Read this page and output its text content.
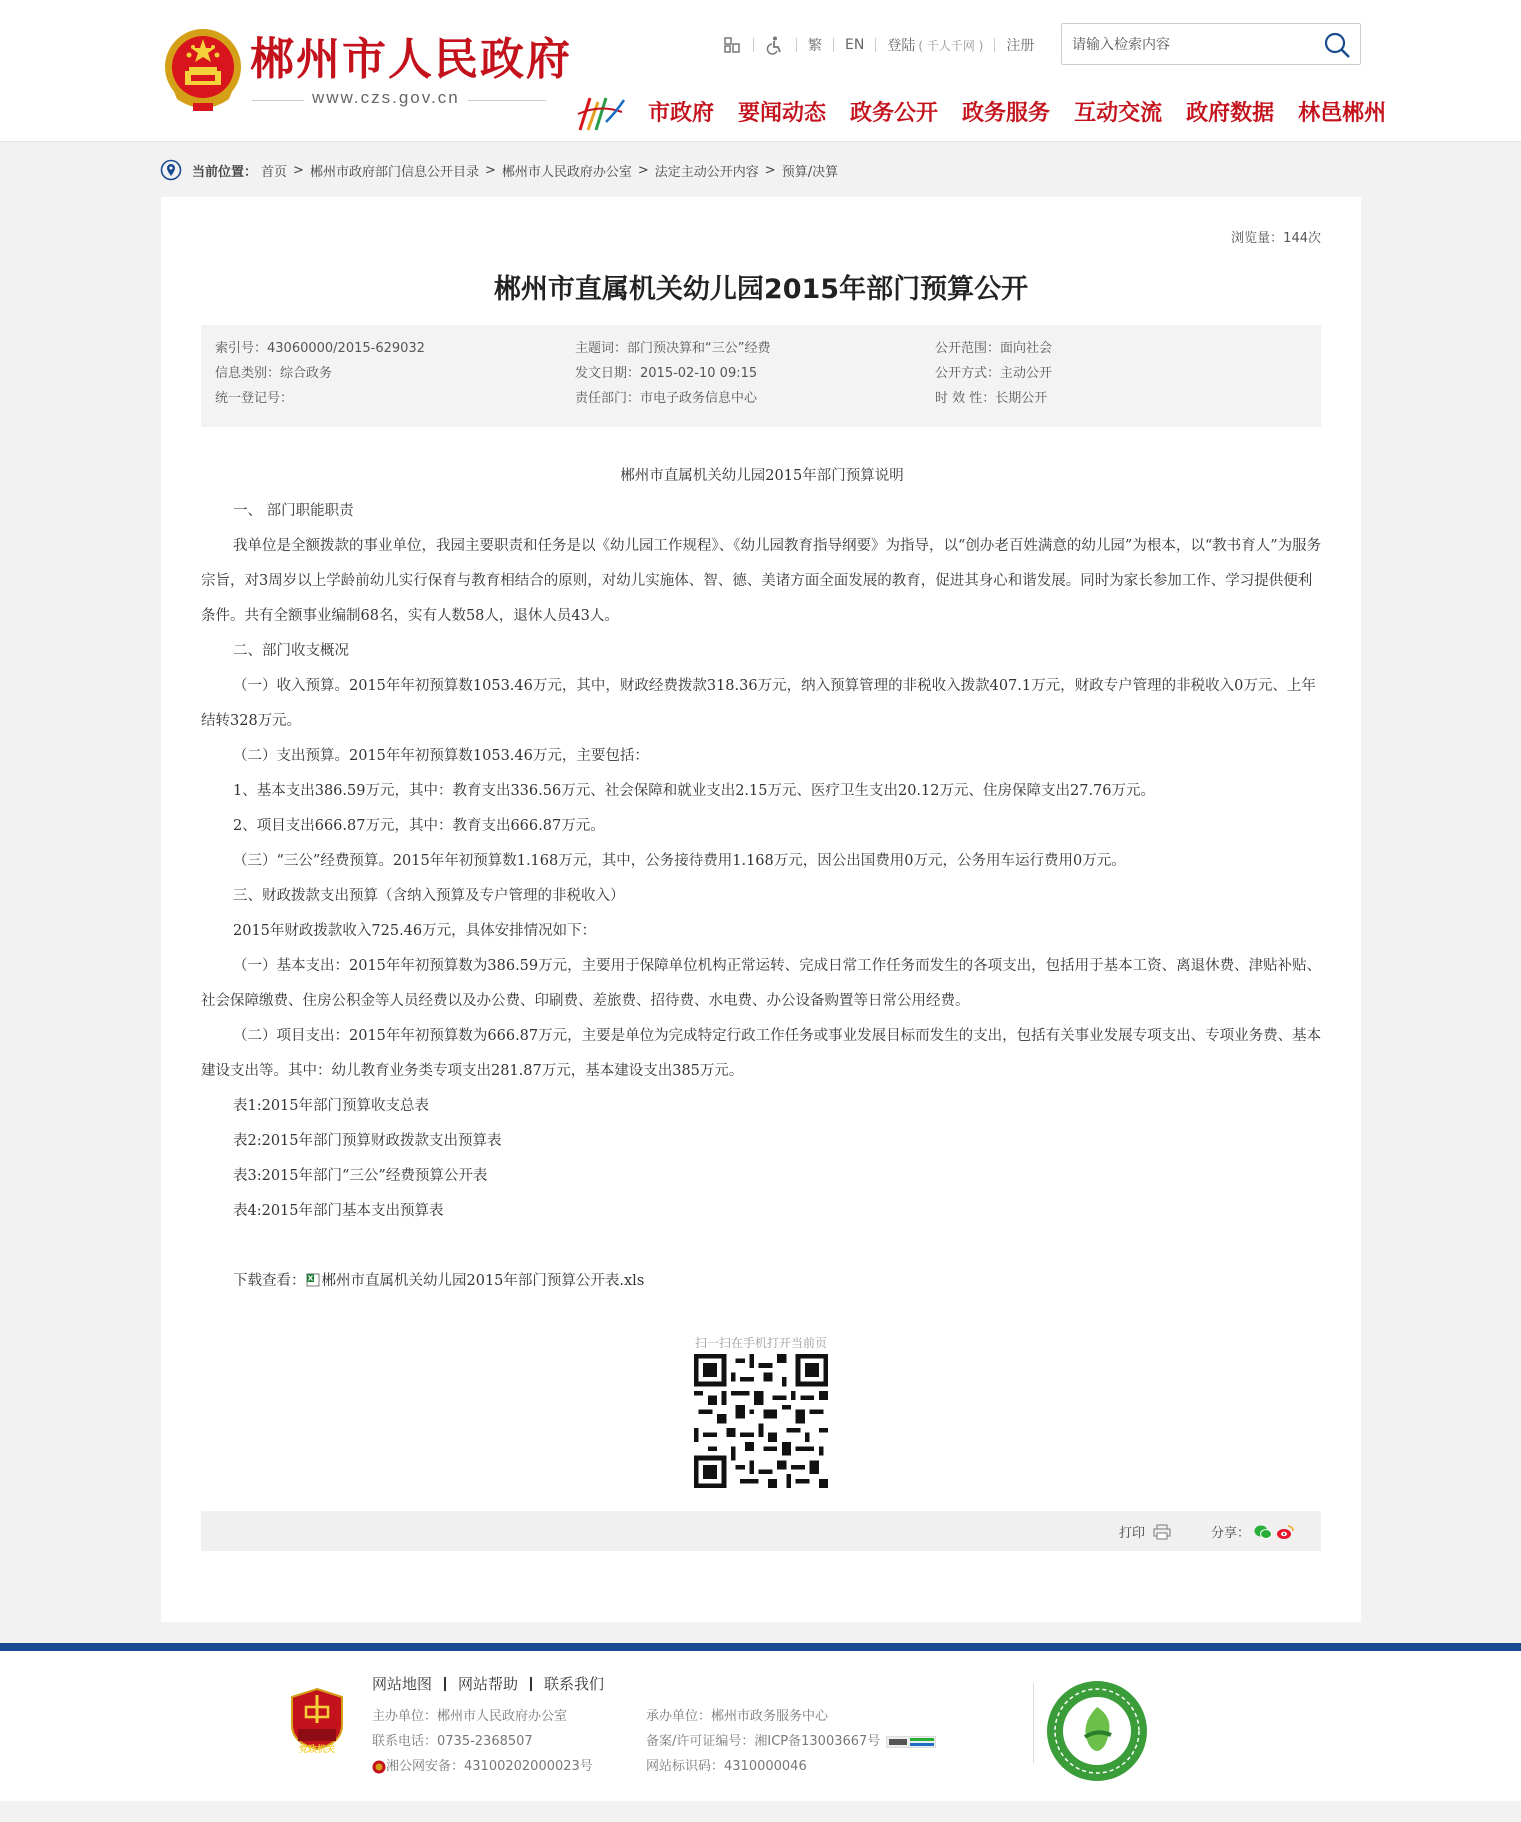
郴州市人民政府
www.czs.gov.cn
繁 EN 登陆 ( 千人千网 ) 注册
请输入检索内容
市政府 要闻动态 政务公开 政务服务 互动交流 政府数据 林邑郴州
当前位置： 首页 > 郴州市政府部门信息公开目录 > 郴州市人民政府办公室 > 法定主动公开内容 > 预算/决算
浏览量：144次
郴州市直属机关幼儿园2015年部门预算公开
索引号：43060000/2015-629032
信息类别：综合政务
统一登记号：
主题词：部门预决算和“三公”经费
发文日期：2015-02-10 09:15
责任部门：市电子政务信息中心
公开范围：面向社会
公开方式：主动公开
时 效 性：长期公开

郴州市直属机关幼儿园2015年部门预算说明

一、 部门职能职责

我单位是全额拨款的事业单位，我园主要职责和任务是以《幼儿园工作规程》、《幼儿园教育指导纲要》为指导，以“创办老百姓满意的幼儿园”为根本，以“教书育人”为服务宗旨，对3周岁以上学龄前幼儿实行保育与教育相结合的原则，对幼儿实施体、智、德、美诸方面全面发展的教育，促进其身心和谐发展。同时为家长参加工作、学习提供便利条件。共有全额事业编制68名，实有人数58人，退休人员43人。

二、部门收支概况

（一）收入预算。2015年年初预算数1053.46万元，其中，财政经费拨款318.36万元，纳入预算管理的非税收入拨款407.1万元，财政专户管理的非税收入0万元、上年结转328万元。

（二）支出预算。2015年年初预算数1053.46万元，主要包括：

1、基本支出386.59万元，其中：教育支出336.56万元、社会保障和就业支出2.15万元、医疗卫生支出20.12万元、住房保障支出27.76万元。

2、项目支出666.87万元，其中：教育支出666.87万元。

（三）“三公”经费预算。2015年年初预算数1.168万元，其中，公务接待费用1.168万元，因公出国费用0万元，公务用车运行费用0万元。

三、财政拨款支出预算（含纳入预算及专户管理的非税收入）

2015年财政拨款收入725.46万元，具体安排情况如下：

（一）基本支出：2015年年初预算数为386.59万元，主要用于保障单位机构正常运转、完成日常工作任务而发生的各项支出，包括用于基本工资、离退休费、津贴补贴、社会保障缴费、住房公积金等人员经费以及办公费、印刷费、差旅费、招待费、水电费、办公设备购置等日常公用经费。

（二）项目支出：2015年年初预算数为666.87万元，主要是单位为完成特定行政工作任务或事业发展目标而发生的支出，包括有关事业发展专项支出、专项业务费、基本建设支出等。其中：幼儿教育业务类专项支出281.87万元，基本建设支出385万元。

表1:2015年部门预算收支总表

表2:2015年部门预算财政拨款支出预算表

表3:2015年部门“三公”经费预算公开表

表4:2015年部门基本支出预算表

下载查看： 郴州市直属机关幼儿园2015年部门预算公开表.xls

扫一扫在手机打开当前页
打印	分享：
党政机关
网站地图 网站帮助 联系我们
主办单位：郴州市人民政府办公室
联系电话：0735-2368507
湘公网安备：43100202000023号
承办单位：郴州市政务服务中心
备案/许可证编号：湘ICP备13003667号
网站标识码：4310000046
